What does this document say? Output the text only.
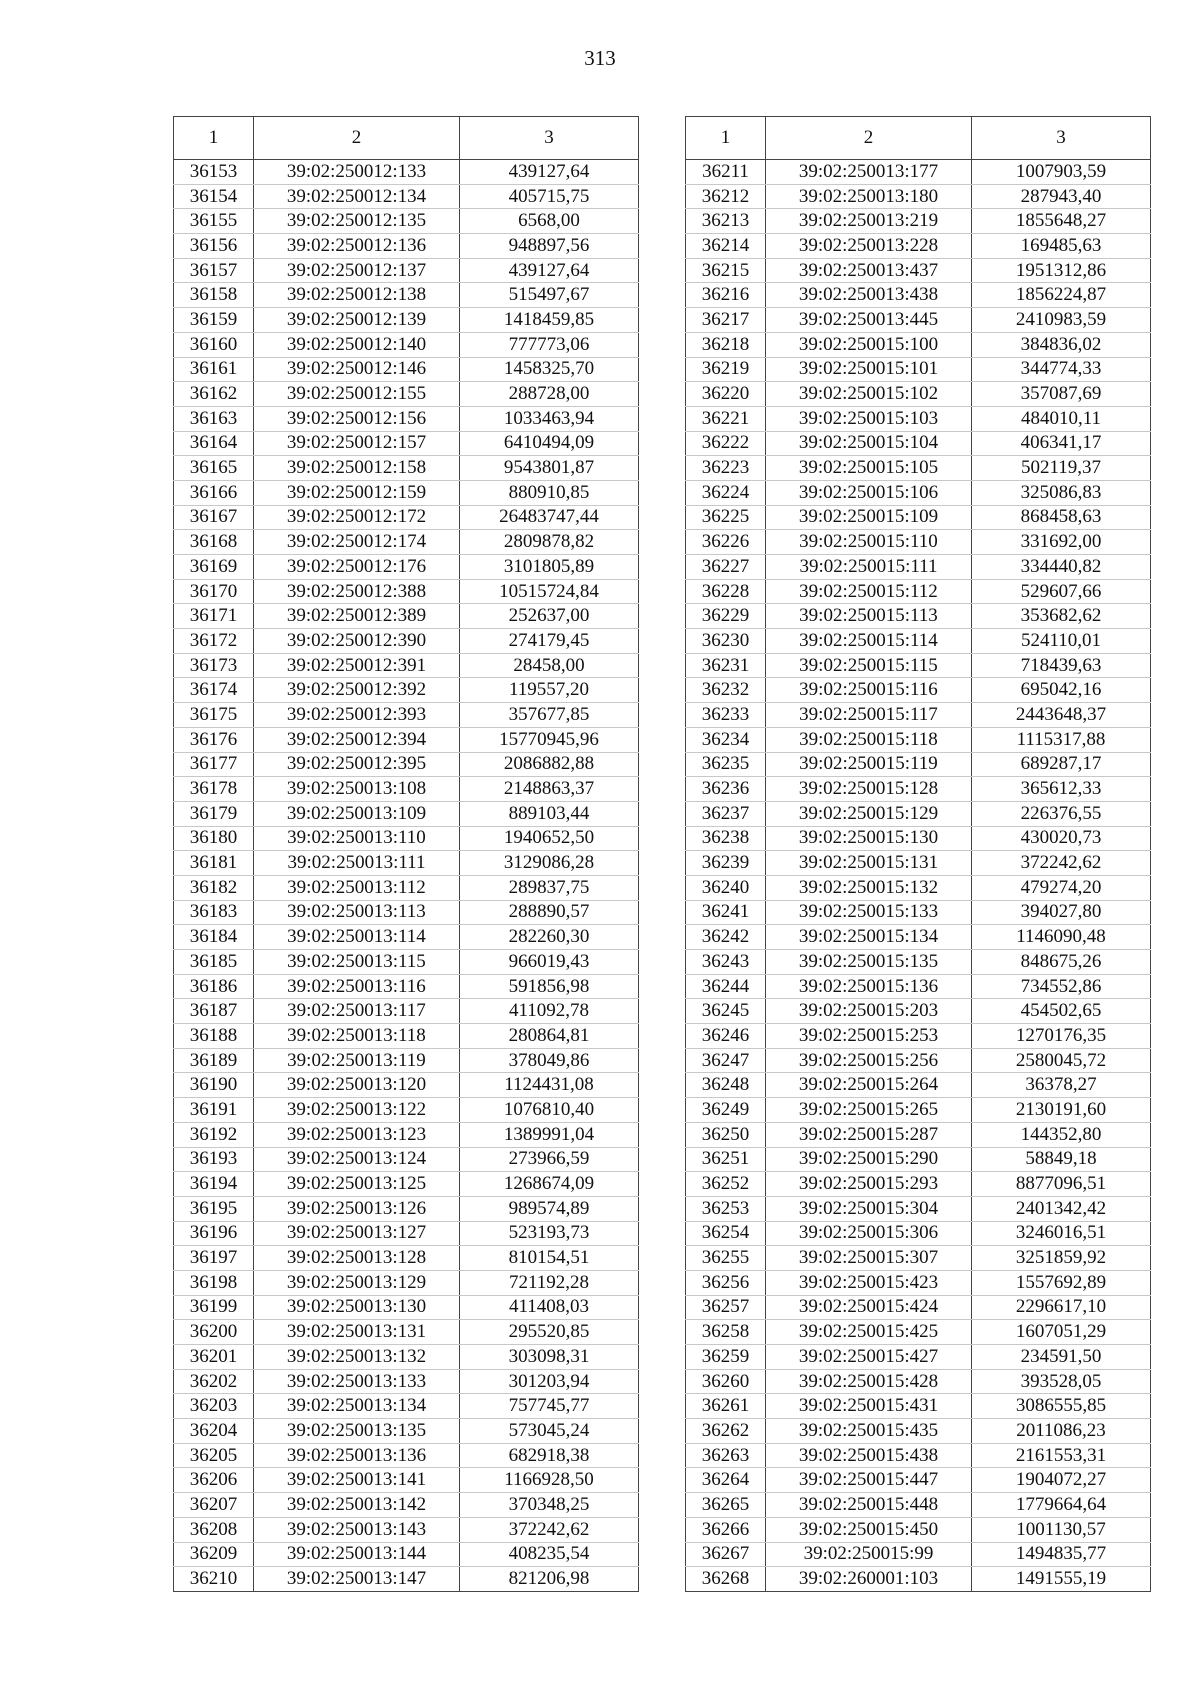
313
1	2	3
36153	39:02:250012:133	439127,64
36154	39:02:250012:134	405715,75
36155	39:02:250012:135	6568,00
36156	39:02:250012:136	948897,56
36157	39:02:250012:137	439127,64
36158	39:02:250012:138	515497,67
36159	39:02:250012:139	1418459,85
36160	39:02:250012:140	777773,06
36161	39:02:250012:146	1458325,70
36162	39:02:250012:155	288728,00
36163	39:02:250012:156	1033463,94
36164	39:02:250012:157	6410494,09
36165	39:02:250012:158	9543801,87
36166	39:02:250012:159	880910,85
36167	39:02:250012:172	26483747,44
36168	39:02:250012:174	2809878,82
36169	39:02:250012:176	3101805,89
36170	39:02:250012:388	10515724,84
36171	39:02:250012:389	252637,00
36172	39:02:250012:390	274179,45
36173	39:02:250012:391	28458,00
36174	39:02:250012:392	119557,20
36175	39:02:250012:393	357677,85
36176	39:02:250012:394	15770945,96
36177	39:02:250012:395	2086882,88
36178	39:02:250013:108	2148863,37
36179	39:02:250013:109	889103,44
36180	39:02:250013:110	1940652,50
36181	39:02:250013:111	3129086,28
36182	39:02:250013:112	289837,75
36183	39:02:250013:113	288890,57
36184	39:02:250013:114	282260,30
36185	39:02:250013:115	966019,43
36186	39:02:250013:116	591856,98
36187	39:02:250013:117	411092,78
36188	39:02:250013:118	280864,81
36189	39:02:250013:119	378049,86
36190	39:02:250013:120	1124431,08
36191	39:02:250013:122	1076810,40
36192	39:02:250013:123	1389991,04
36193	39:02:250013:124	273966,59
36194	39:02:250013:125	1268674,09
36195	39:02:250013:126	989574,89
36196	39:02:250013:127	523193,73
36197	39:02:250013:128	810154,51
36198	39:02:250013:129	721192,28
36199	39:02:250013:130	411408,03
36200	39:02:250013:131	295520,85
36201	39:02:250013:132	303098,31
36202	39:02:250013:133	301203,94
36203	39:02:250013:134	757745,77
36204	39:02:250013:135	573045,24
36205	39:02:250013:136	682918,38
36206	39:02:250013:141	1166928,50
36207	39:02:250013:142	370348,25
36208	39:02:250013:143	372242,62
36209	39:02:250013:144	408235,54
36210	39:02:250013:147	821206,98
1	2	3
36211	39:02:250013:177	1007903,59
36212	39:02:250013:180	287943,40
36213	39:02:250013:219	1855648,27
36214	39:02:250013:228	169485,63
36215	39:02:250013:437	1951312,86
36216	39:02:250013:438	1856224,87
36217	39:02:250013:445	2410983,59
36218	39:02:250015:100	384836,02
36219	39:02:250015:101	344774,33
36220	39:02:250015:102	357087,69
36221	39:02:250015:103	484010,11
36222	39:02:250015:104	406341,17
36223	39:02:250015:105	502119,37
36224	39:02:250015:106	325086,83
36225	39:02:250015:109	868458,63
36226	39:02:250015:110	331692,00
36227	39:02:250015:111	334440,82
36228	39:02:250015:112	529607,66
36229	39:02:250015:113	353682,62
36230	39:02:250015:114	524110,01
36231	39:02:250015:115	718439,63
36232	39:02:250015:116	695042,16
36233	39:02:250015:117	2443648,37
36234	39:02:250015:118	1115317,88
36235	39:02:250015:119	689287,17
36236	39:02:250015:128	365612,33
36237	39:02:250015:129	226376,55
36238	39:02:250015:130	430020,73
36239	39:02:250015:131	372242,62
36240	39:02:250015:132	479274,20
36241	39:02:250015:133	394027,80
36242	39:02:250015:134	1146090,48
36243	39:02:250015:135	848675,26
36244	39:02:250015:136	734552,86
36245	39:02:250015:203	454502,65
36246	39:02:250015:253	1270176,35
36247	39:02:250015:256	2580045,72
36248	39:02:250015:264	36378,27
36249	39:02:250015:265	2130191,60
36250	39:02:250015:287	144352,80
36251	39:02:250015:290	58849,18
36252	39:02:250015:293	8877096,51
36253	39:02:250015:304	2401342,42
36254	39:02:250015:306	3246016,51
36255	39:02:250015:307	3251859,92
36256	39:02:250015:423	1557692,89
36257	39:02:250015:424	2296617,10
36258	39:02:250015:425	1607051,29
36259	39:02:250015:427	234591,50
36260	39:02:250015:428	393528,05
36261	39:02:250015:431	3086555,85
36262	39:02:250015:435	2011086,23
36263	39:02:250015:438	2161553,31
36264	39:02:250015:447	1904072,27
36265	39:02:250015:448	1779664,64
36266	39:02:250015:450	1001130,57
36267	39:02:250015:99	1494835,77
36268	39:02:260001:103	1491555,19
